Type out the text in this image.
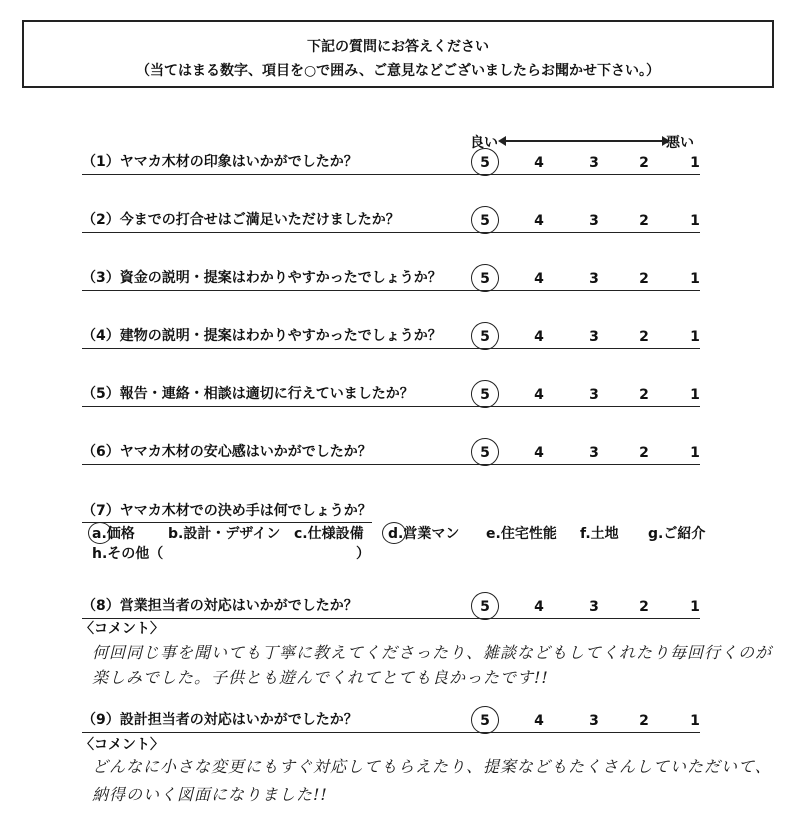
下記の質問にお答えください
（当てはまる数字、項目を○で囲み、ご意見などございましたらお聞かせ下さい。）
良い	悪い
（1）ヤマカ木材の印象はいかがでしたか？	5	4	3	2	1
（2）今までの打合せはご満足いただけましたか？	5	4	3	2	1
（3）資金の説明・提案はわかりやすかったでしょうか？	5	4	3	2	1
（4）建物の説明・提案はわかりやすかったでしょうか？	5	4	3	2	1
（5）報告・連絡・相談は適切に行えていましたか？	5	4	3	2	1
（6）ヤマカ木材の安心感はいかがでしたか？	5	4	3	2	1
（7）ヤマカ木材での決め手は何でしょうか？
a.価格 b.設計・デザイン c.仕様設備 d.営業マン e.住宅性能 f.土地 g.ご紹介
h.その他（	）
（8）営業担当者の対応はいかがでしたか？	5	4	3	2	1
〈コメント〉
何回同じ事を聞いても丁寧に教えてくださったり、雑談などもしてくれたり毎回行くのが
楽しみでした。子供とも遊んでくれてとても良かったです!!
（9）設計担当者の対応はいかがでしたか？	5	4	3	2	1
〈コメント〉
どんなに小さな変更にもすぐ対応してもらえたり、提案などもたくさんしていただいて、
納得のいく図面になりました!!
